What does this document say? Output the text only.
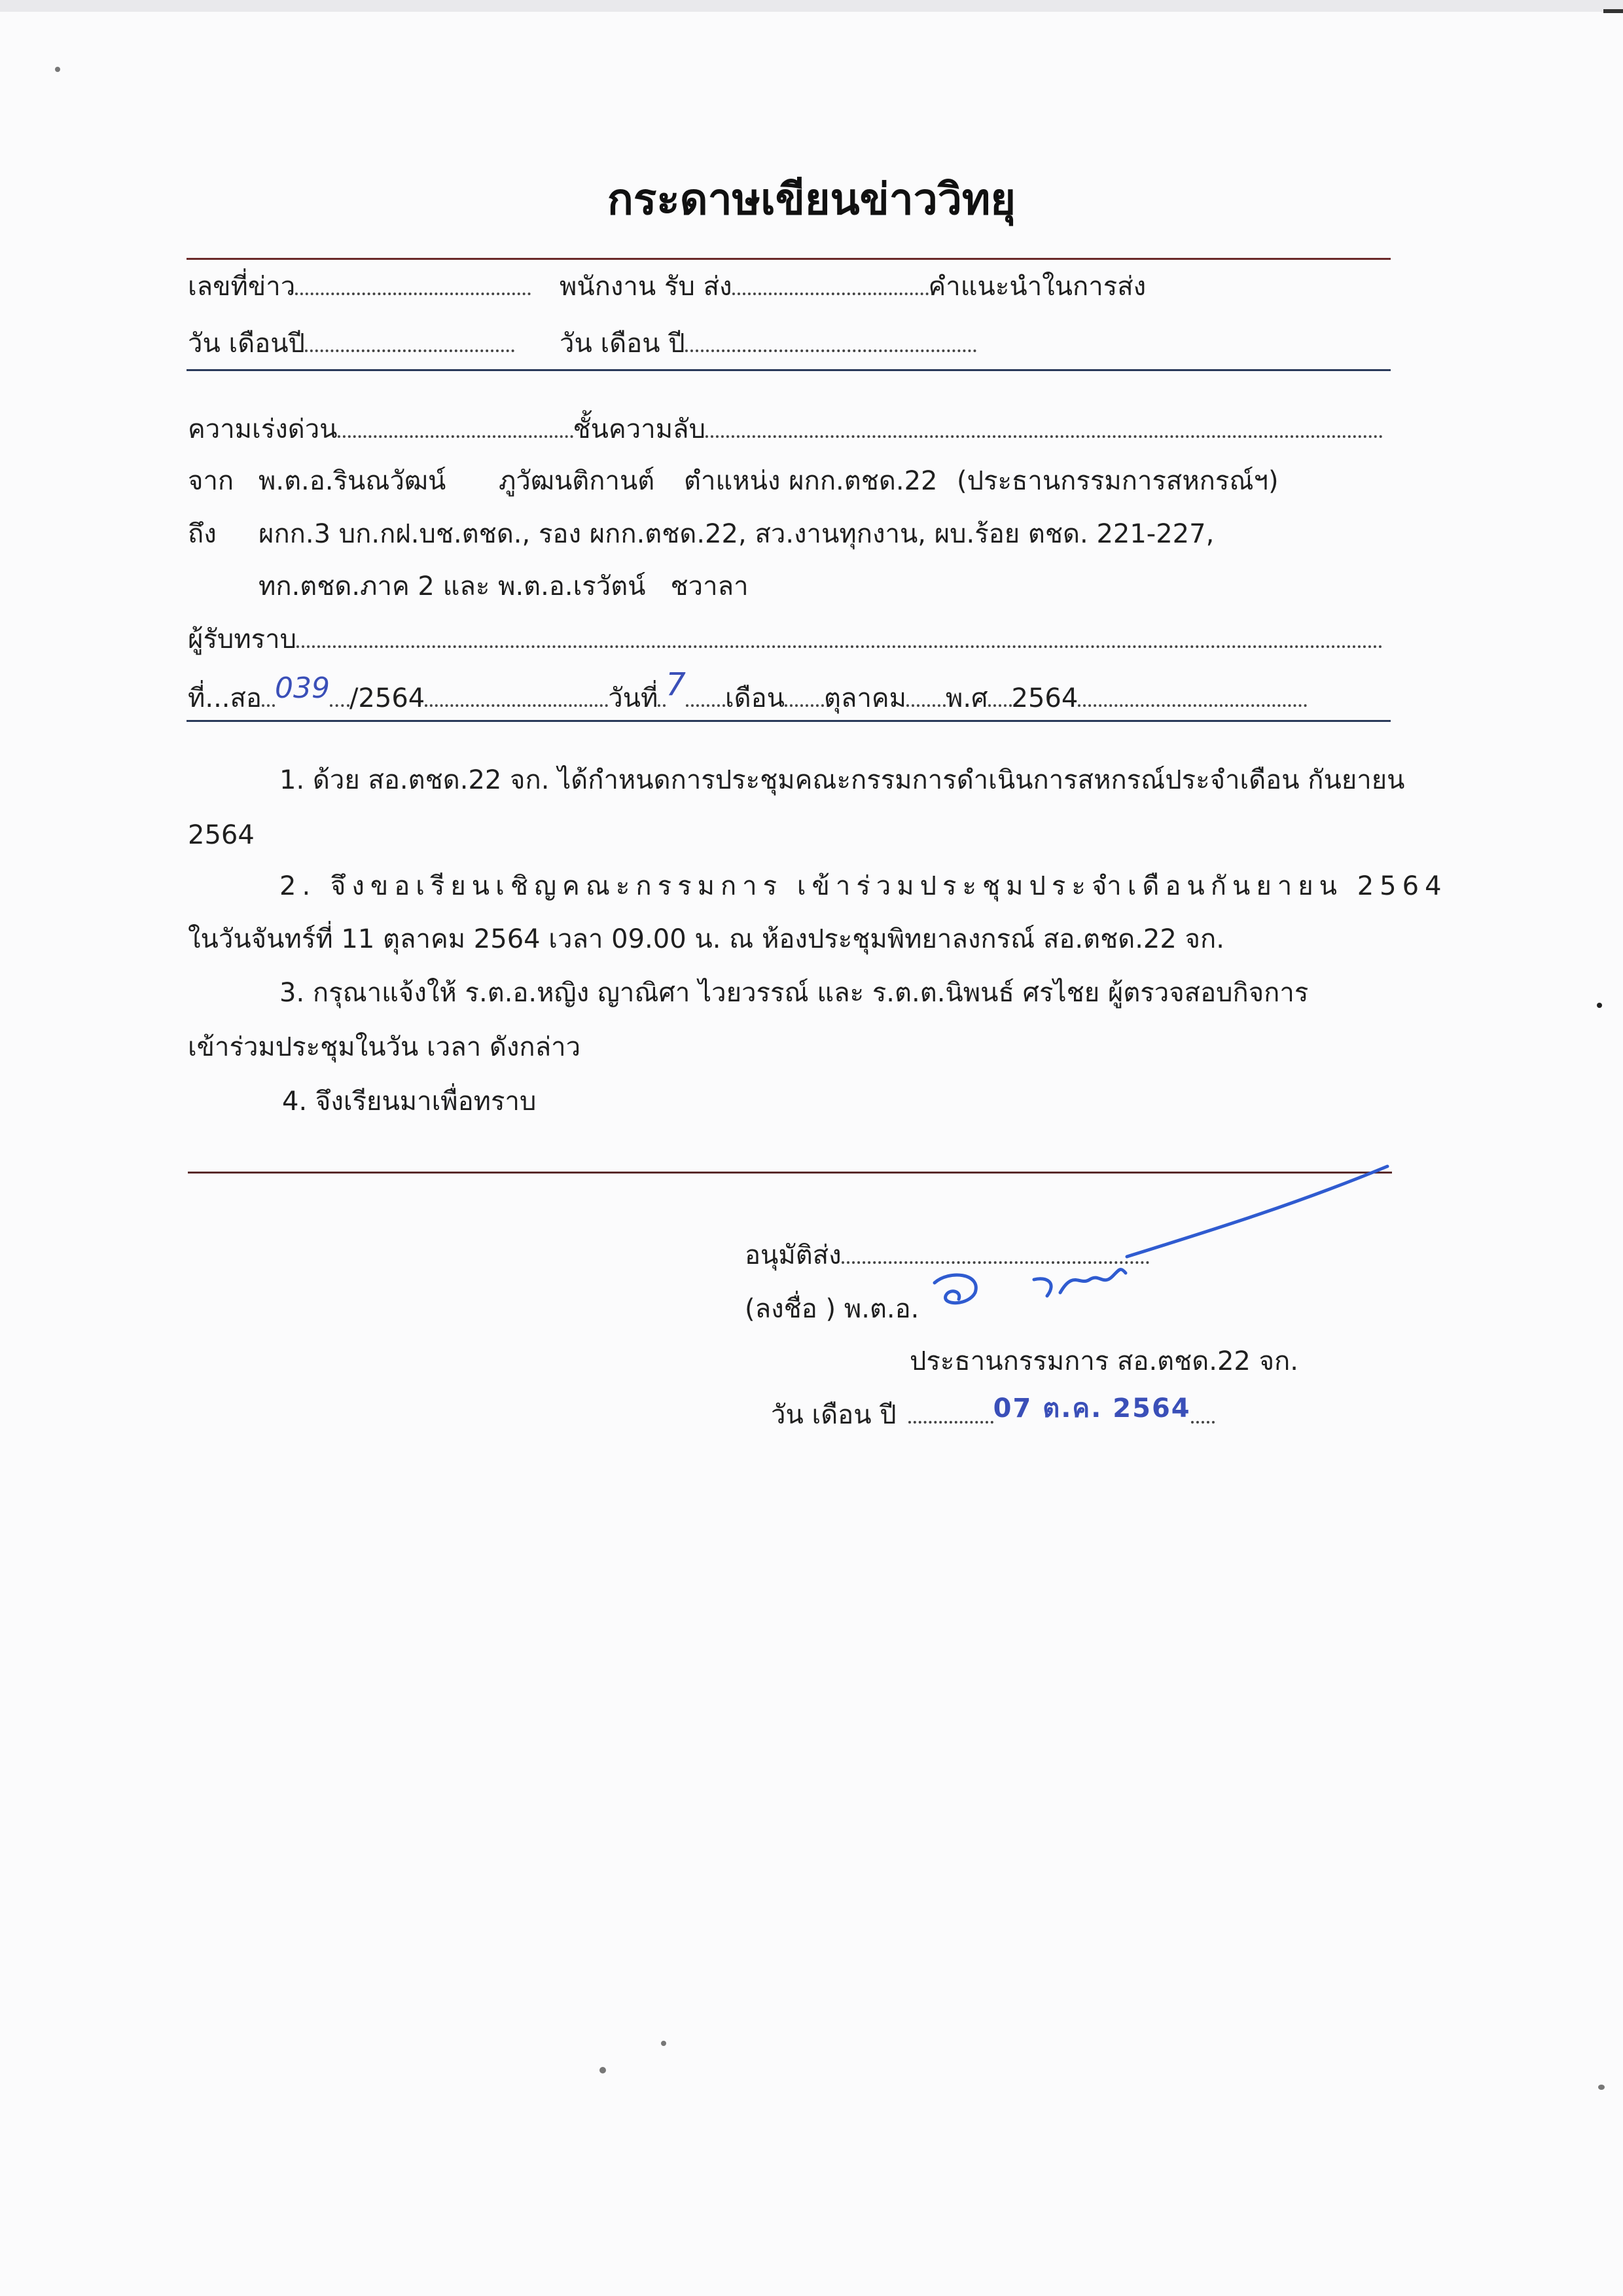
กระดาษเขียนข่าววิทยุ
เลขที่ข่าว	พนักงาน รับ ส่ง	คำแนะนำในการส่ง
วัน เดือนปี	วัน เดือน ปี
ความเร่งด่วน	ชั้นความลับ
จาก พ.ต.อ.รินณวัฒน์ ภูวัฒนติกานต์ ตำแหน่ง ผกก.ตชด.22 (ประธานกรรมการสหกรณ์ฯ)
ถึง ผกก.3 บก.กฝ.บช.ตชด., รอง ผกก.ตชด.22, สว.งานทุกงาน, ผบ.ร้อย ตชด. 221-227,
ทก.ตชด.ภาค 2 และ พ.ต.อ.เรวัตน์ ชวาลา
ผู้รับทราบ
ที่...สอ 039 /2564	วันที่ 7 เดือน ตุลาคม พ.ศ 2564
1. ด้วย สอ.ตชด.22 จก. ได้กำหนดการประชุมคณะกรรมการดำเนินการสหกรณ์ประจำเดือน กันยายน
2564
2. จึงขอเรียนเชิญคณะกรรมการ เข้าร่วมประชุมประจำเดือนกันยายน 2564
ในวันจันทร์ที่ 11 ตุลาคม 2564 เวลา 09.00 น. ณ ห้องประชุมพิทยาลงกรณ์ สอ.ตชด.22 จก.
3. กรุณาแจ้งให้ ร.ต.อ.หญิง ญาณิศา ไวยวรรณ์ และ ร.ต.ต.นิพนธ์ ศรไชย ผู้ตรวจสอบกิจการ
เข้าร่วมประชุมในวัน เวลา ดังกล่าว
4. จึงเรียนมาเพื่อทราบ
อนุมัติส่ง
(ลงชื่อ ) พ.ต.อ.
ประธานกรรมการ สอ.ตชด.22 จก.
วัน เดือน ปี	07 ต.ค. 2564
